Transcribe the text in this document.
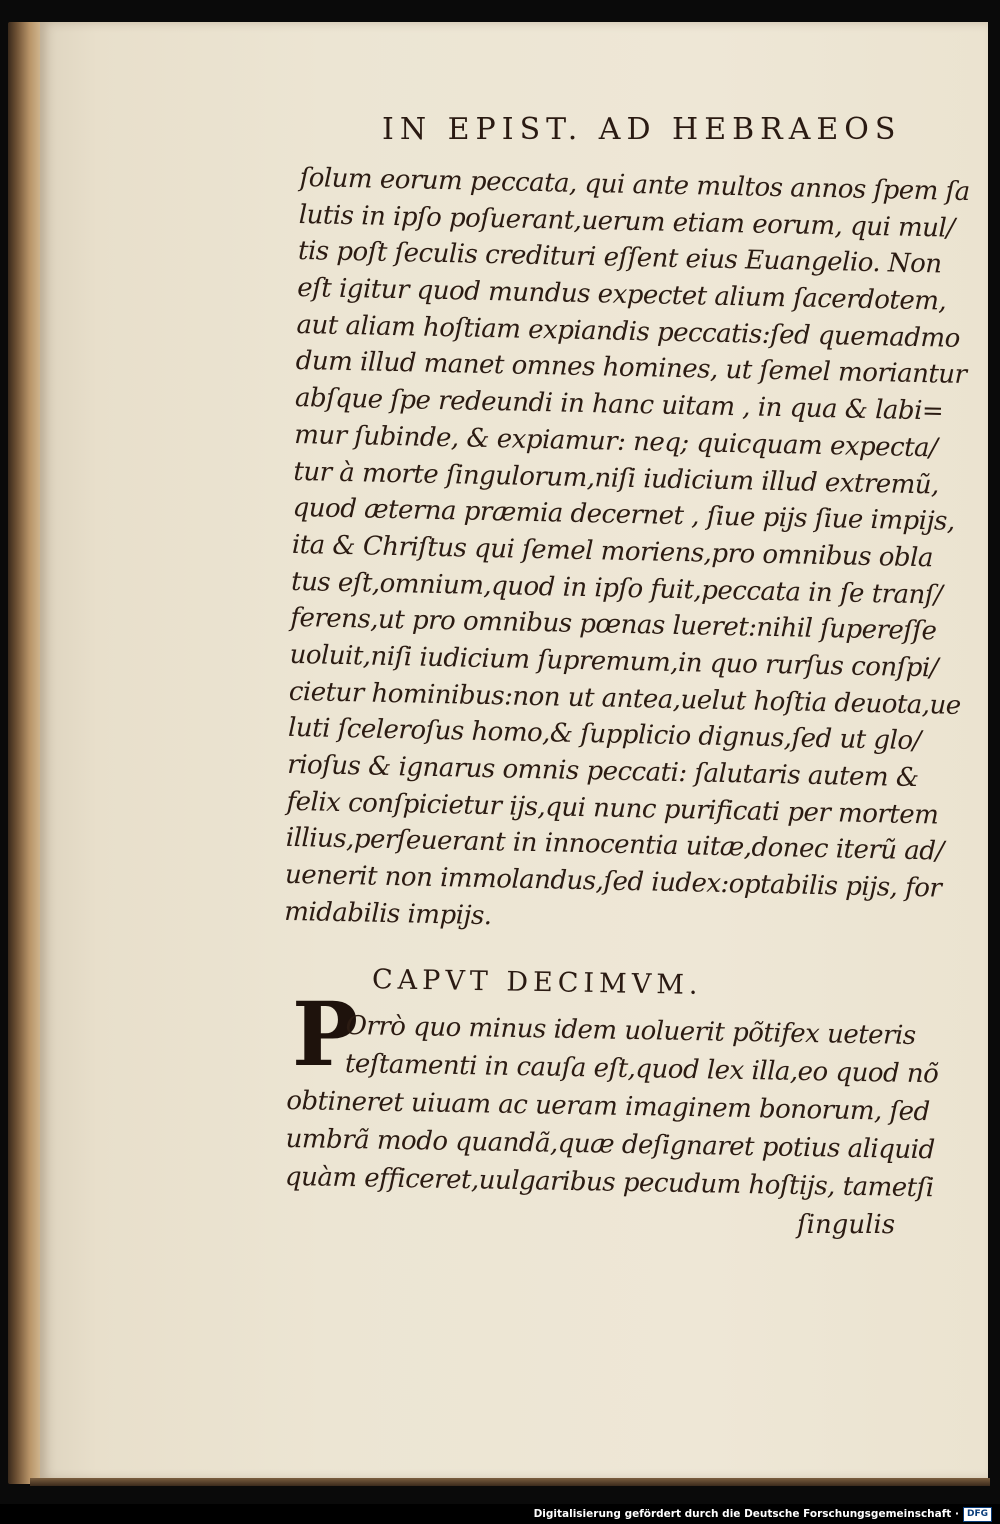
IN EPIST. AD HEBRAEOS
ſolum eorum peccata, qui ante multos annos ſpem ſa
lutis in ipſo poſuerant,uerum etiam eorum, qui mul/
tis poſt ſeculis credituri eſſent eius Euangelio. Non
eſt igitur quod mundus expectet alium ſacerdotem,
aut aliam hoſtiam expiandis peccatis:ſed quemadmo
dum illud manet omnes homines, ut ſemel moriantur
abſque ſpe redeundi in hanc uitam , in qua & labi=
mur ſubinde, & expiamur: neq; quicquam expecta/
tur à morte ſingulorum,niſi iudicium illud extremũ,
quod æterna præmia decernet , ſiue pijs ſiue impijs,
ita & Chriſtus qui ſemel moriens,pro omnibus obla
tus eſt,omnium,quod in ipſo fuit,peccata in ſe tranſ/
ferens,ut pro omnibus pœnas lueret:nihil ſupereſſe
uoluit,niſi iudicium ſupremum,in quo rurſus conſpi/
cietur hominibus:non ut antea,uelut hoſtia deuota,ue
luti ſceleroſus homo,& ſupplicio dignus,ſed ut glo/
rioſus & ignarus omnis peccati: ſalutaris autem &
felix conſpicietur ijs,qui nunc purificati per mortem
illius,perſeuerant in innocentia uitæ,donec iterũ ad/
uenerit non immolandus,ſed iudex:optabilis pijs, for
midabilis impijs.
CAPVT DECIMVM.
P
Orrò quo minus idem uoluerit põtifex ueteris
teſtamenti in cauſa eſt,quod lex illa,eo quod nõ
obtineret uiuam ac ueram imaginem bonorum, ſed
umbrã modo quandã,quæ deſignaret potius aliquid
quàm efficeret,uulgaribus pecudum hoſtijs, tametſi
ſingulis
Digitalisierung gefördert durch die Deutsche Forschungsgemeinschaft · DFG
